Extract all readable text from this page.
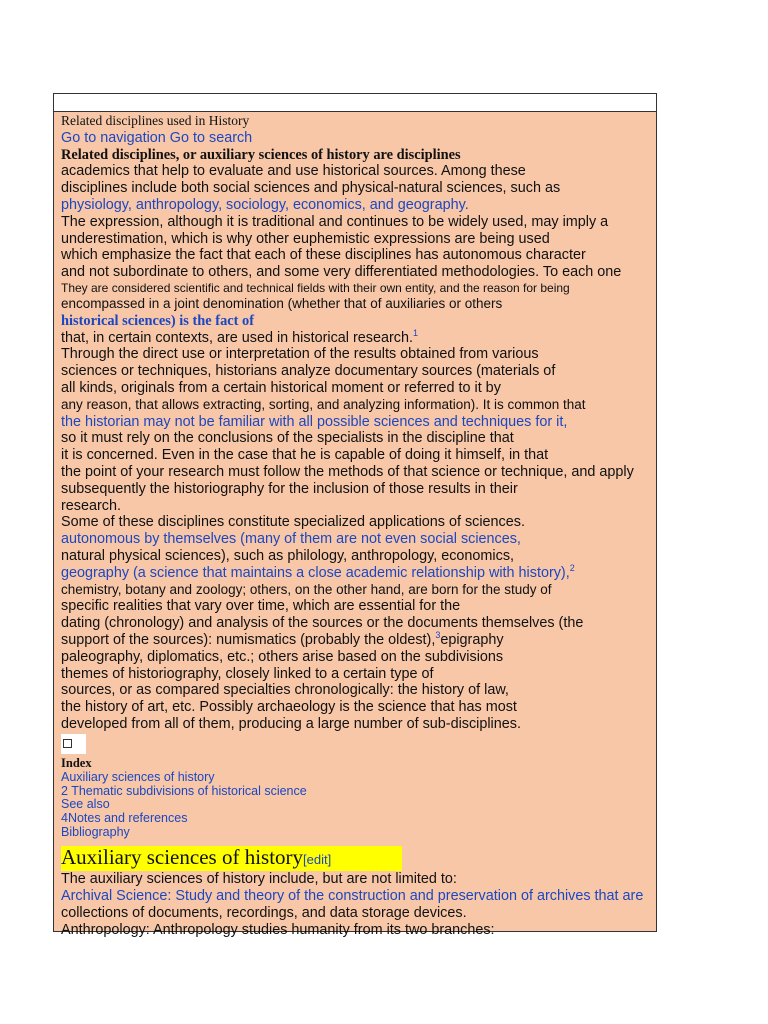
Related disciplines used in History
Go to navigation Go to search
Related disciplines, or auxiliary sciences of history are disciplines
academics that help to evaluate and use historical sources. Among these
disciplines include both social sciences and physical-natural sciences, such as
physiology, anthropology, sociology, economics, and geography.
The expression, although it is traditional and continues to be widely used, may imply a
underestimation, which is why other euphemistic expressions are being used
which emphasize the fact that each of these disciplines has autonomous character
and not subordinate to others, and some very differentiated methodologies. To each one
They are considered scientific and technical fields with their own entity, and the reason for being
encompassed in a joint denomination (whether that of auxiliaries or others
historical sciences) is the fact of
that, in certain contexts, are used in historical research.$^1$
Through the direct use or interpretation of the results obtained from various
sciences or techniques, historians analyze documentary sources (materials of
all kinds, originals from a certain historical moment or referred to it by
any reason, that allows extracting, sorting, and analyzing information). It is common that
the historian may not be familiar with all possible sciences and techniques for it,
so it must rely on the conclusions of the specialists in the discipline that
it is concerned. Even in the case that he is capable of doing it himself, in that
the point of your research must follow the methods of that science or technique, and apply
subsequently the historiography for the inclusion of those results in their
research.
Some of these disciplines constitute specialized applications of sciences.
autonomous by themselves (many of them are not even social sciences,
natural physical sciences), such as philology, anthropology, economics,
geography (a science that maintains a close academic relationship with history),$^2$
chemistry, botany and zoology; others, on the other hand, are born for the study of
specific realities that vary over time, which are essential for the
dating (chronology) and analysis of the sources or the documents themselves (the
support of the sources): numismatics (probably the oldest),$^3$epigraphy
paleography, diplomatics, etc.; others arise based on the subdivisions
themes of historiography, closely linked to a certain type of
sources, or as compared specialties chronologically: the history of law,
the history of art, etc. Possibly archaeology is the science that has most
developed from all of them, producing a large number of sub-disciplines.
Index
Auxiliary sciences of history
2 Thematic subdivisions of historical science
See also
4Notes and references
Bibliography
Auxiliary sciences of history[edit]
The auxiliary sciences of history include, but are not limited to:
Archival Science: Study and theory of the construction and preservation of archives that are
collections of documents, recordings, and data storage devices.
Anthropology: Anthropology studies humanity from its two branches:
